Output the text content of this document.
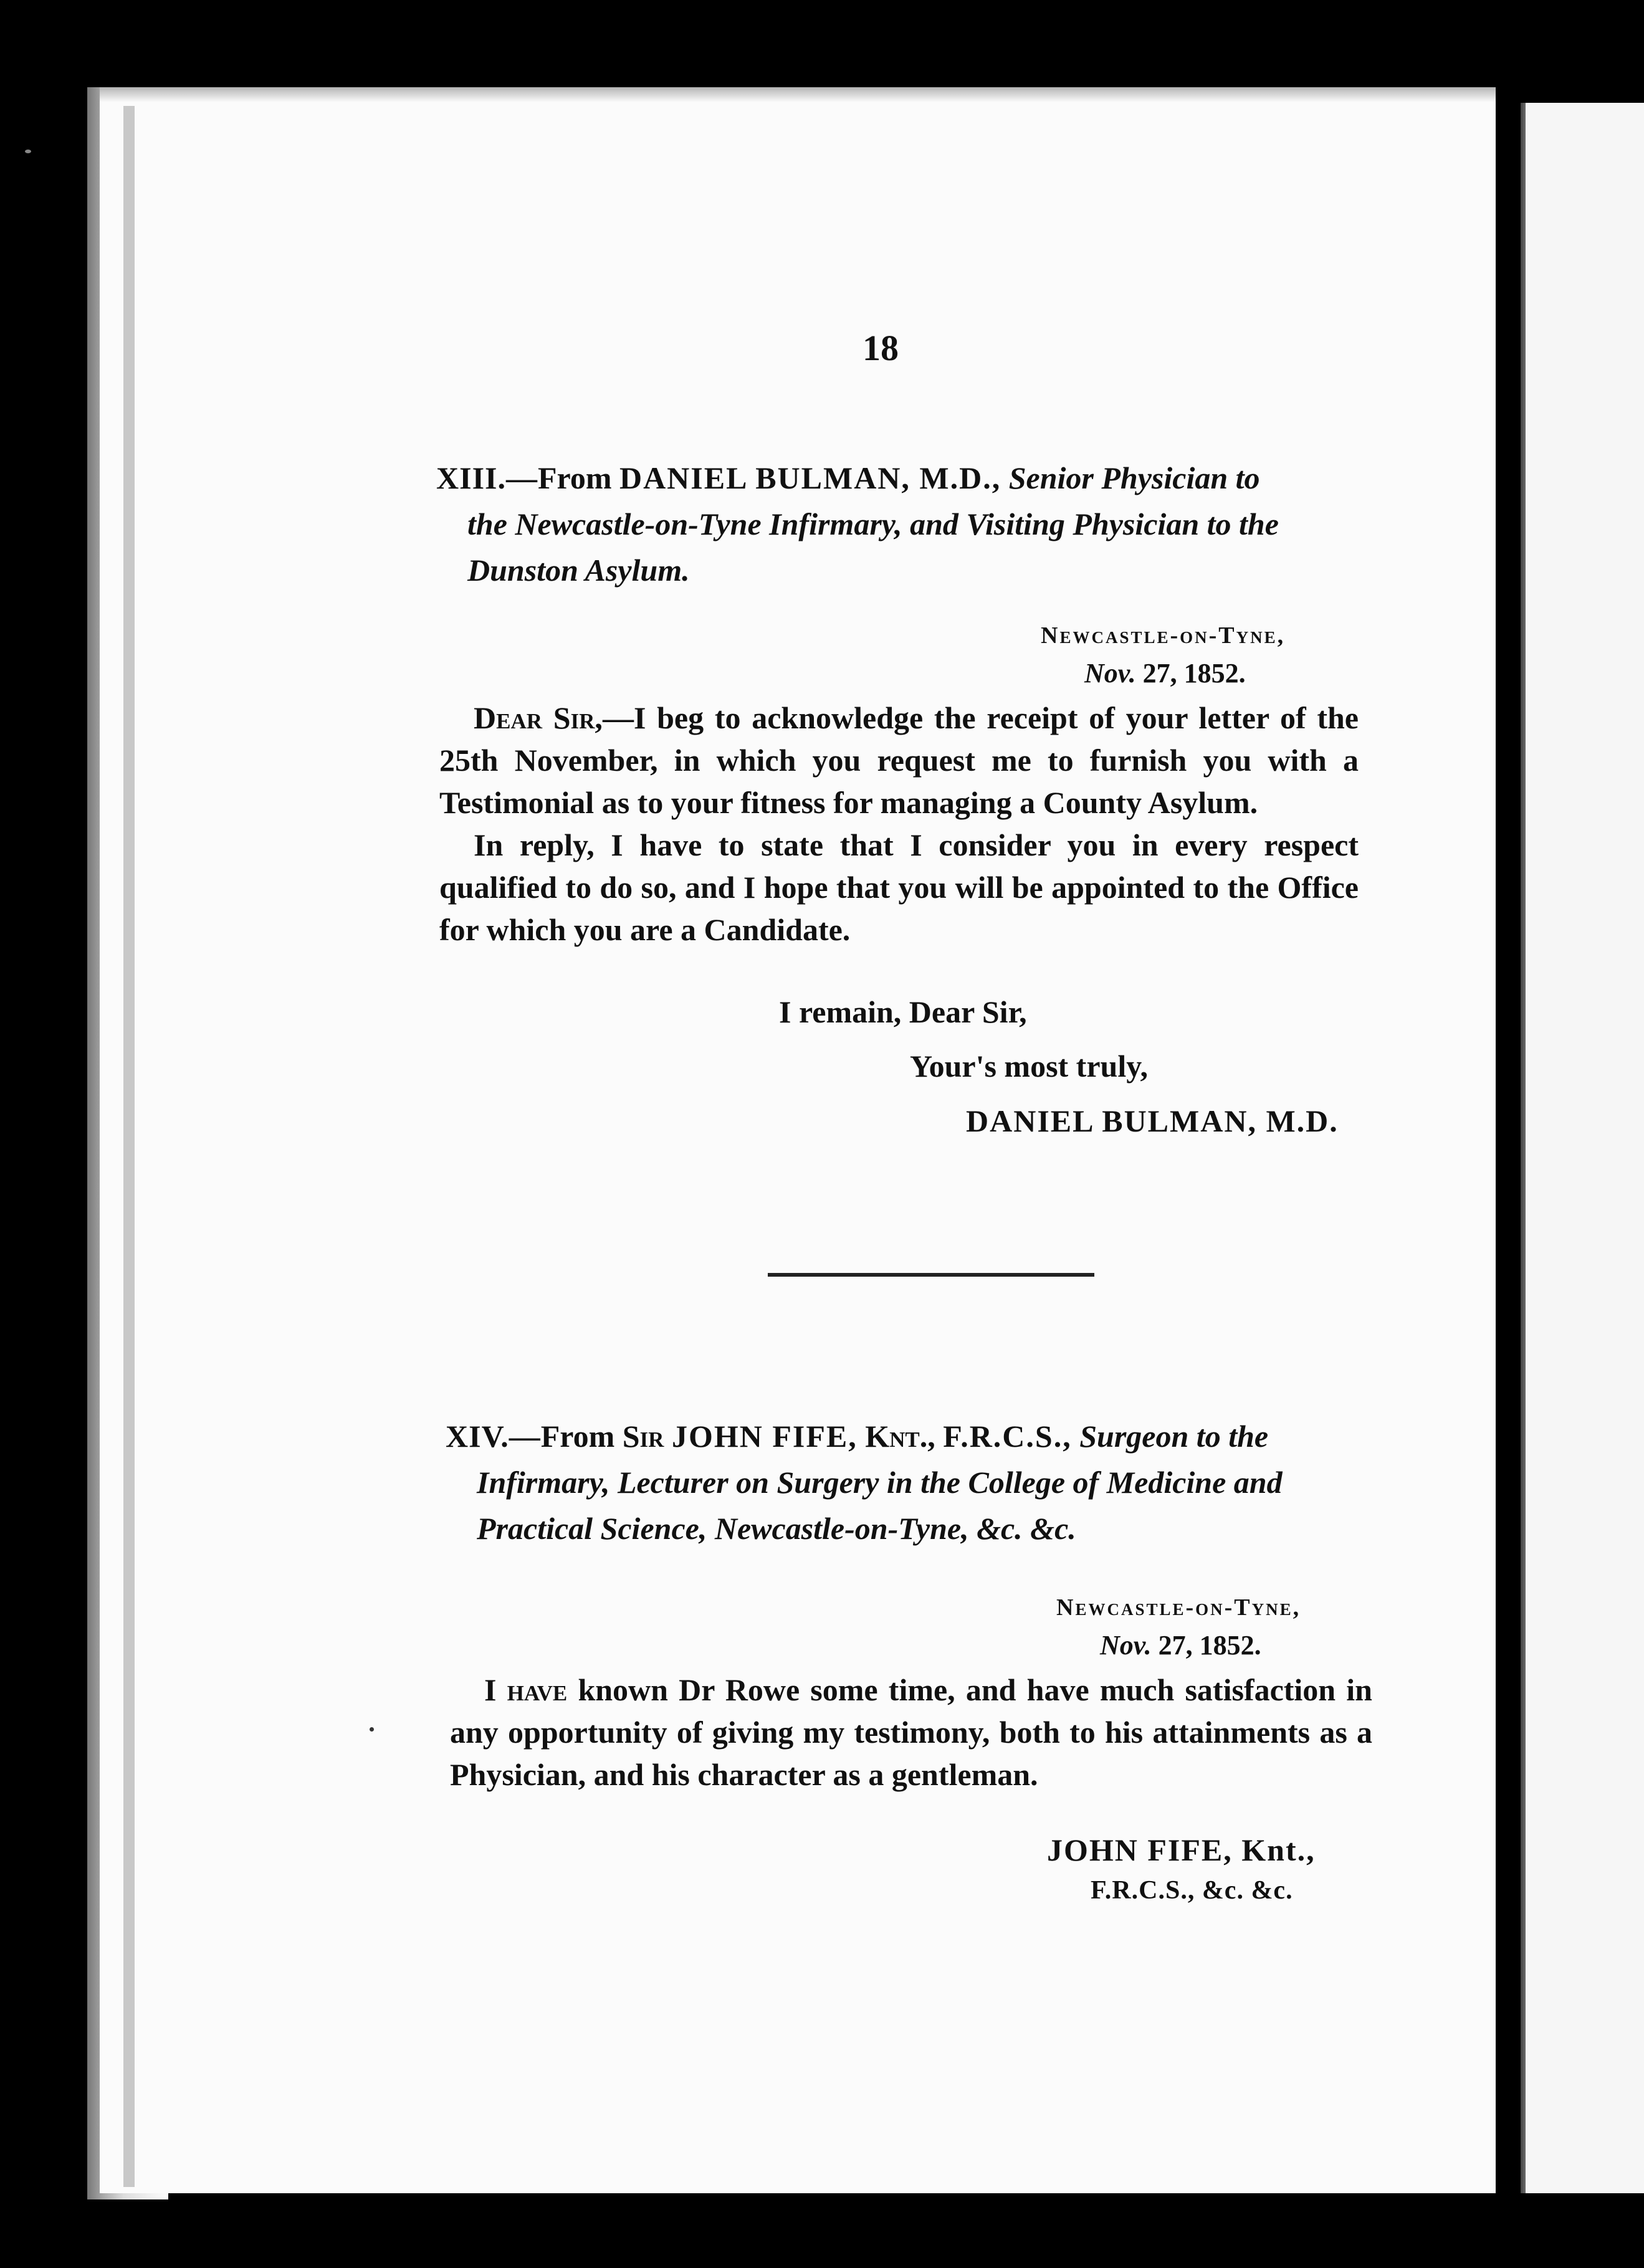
18
XIII.—From DANIEL BULMAN, M.D., Senior Physician to
the Newcastle-on-Tyne Infirmary, and Visiting Physician to the
Dunston Asylum.
Newcastle-on-Tyne,
Nov. 27, 1852.

Dear Sir,—I beg to acknowledge the receipt of your letter of the 25th November, in which you request me to furnish you with a Testimonial as to your fitness for managing a County Asylum.

In reply, I have to state that I consider you in every respect qualified to do so, and I hope that you will be appointed to the Office for which you are a Candidate.

I remain, Dear Sir,
Your's most truly,
DANIEL BULMAN, M.D.
XIV.—From Sir JOHN FIFE, Knt., F.R.C.S., Surgeon to the
Infirmary, Lecturer on Surgery in the College of Medicine and
Practical Science, Newcastle-on-Tyne, &c. &c.
Newcastle-on-Tyne,
Nov. 27, 1852.

I have known Dr Rowe some time, and have much satisfaction in any opportunity of giving my testimony, both to his attainments as a Physician, and his character as a gentleman.

JOHN FIFE, Knt.,
F.R.C.S., &c. &c.
